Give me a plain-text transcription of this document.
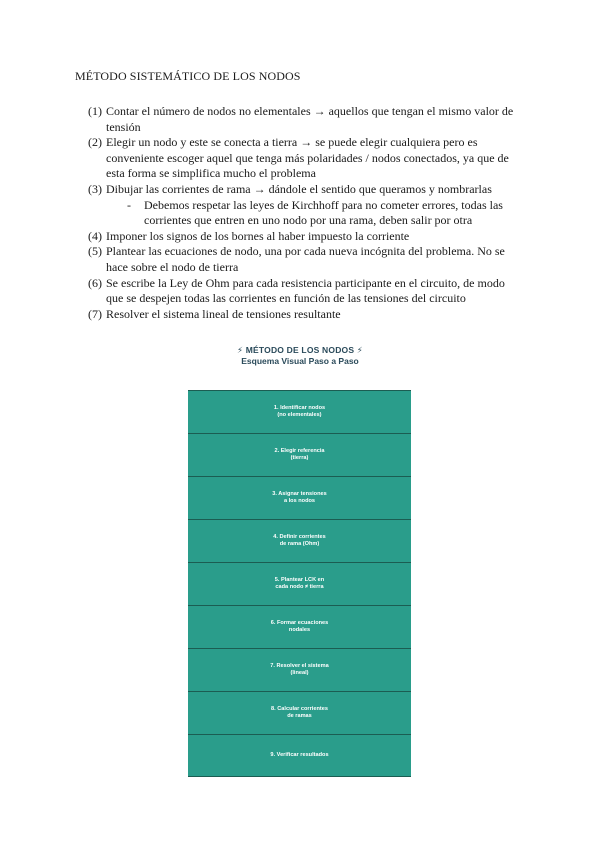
MÉTODO SISTEMÁTICO DE LOS NODOS
(1) Contar el número de nodos no elementales → aquellos que tengan el mismo valor de tensión
(2) Elegir un nodo y este se conecta a tierra → se puede elegir cualquiera pero es conveniente escoger aquel que tenga más polaridades / nodos conectados, ya que de esta forma se simplifica mucho el problema
(3) Dibujar las corrientes de rama → dándole el sentido que queramos y nombrarlas
- Debemos respetar las leyes de Kirchhoff para no cometer errores, todas las corrientes que entren en uno nodo por una rama, deben salir por otra
(4) Imponer los signos de los bornes al haber impuesto la corriente
(5) Plantear las ecuaciones de nodo, una por cada nueva incógnita del problema. No se hace sobre el nodo de tierra
(6) Se escribe la Ley de Ohm para cada resistencia participante en el circuito, de modo que se despejen todas las corrientes en función de las tensiones del circuito
(7) Resolver el sistema lineal de tensiones resultante
⚡ MÉTODO DE LOS NODOS ⚡
Esquema Visual Paso a Paso
1. Identificar nodos
(no elementales)
2. Elegir referencia
(tierra)
3. Asignar tensiones
a los nodos
4. Definir corrientes
de rama (Ohm)
5. Plantear LCK en
cada nodo ≠ tierra
6. Formar ecuaciones
nodales
7. Resolver el sistema
(lineal)
8. Calcular corrientes
de ramas
9. Verificar resultados
